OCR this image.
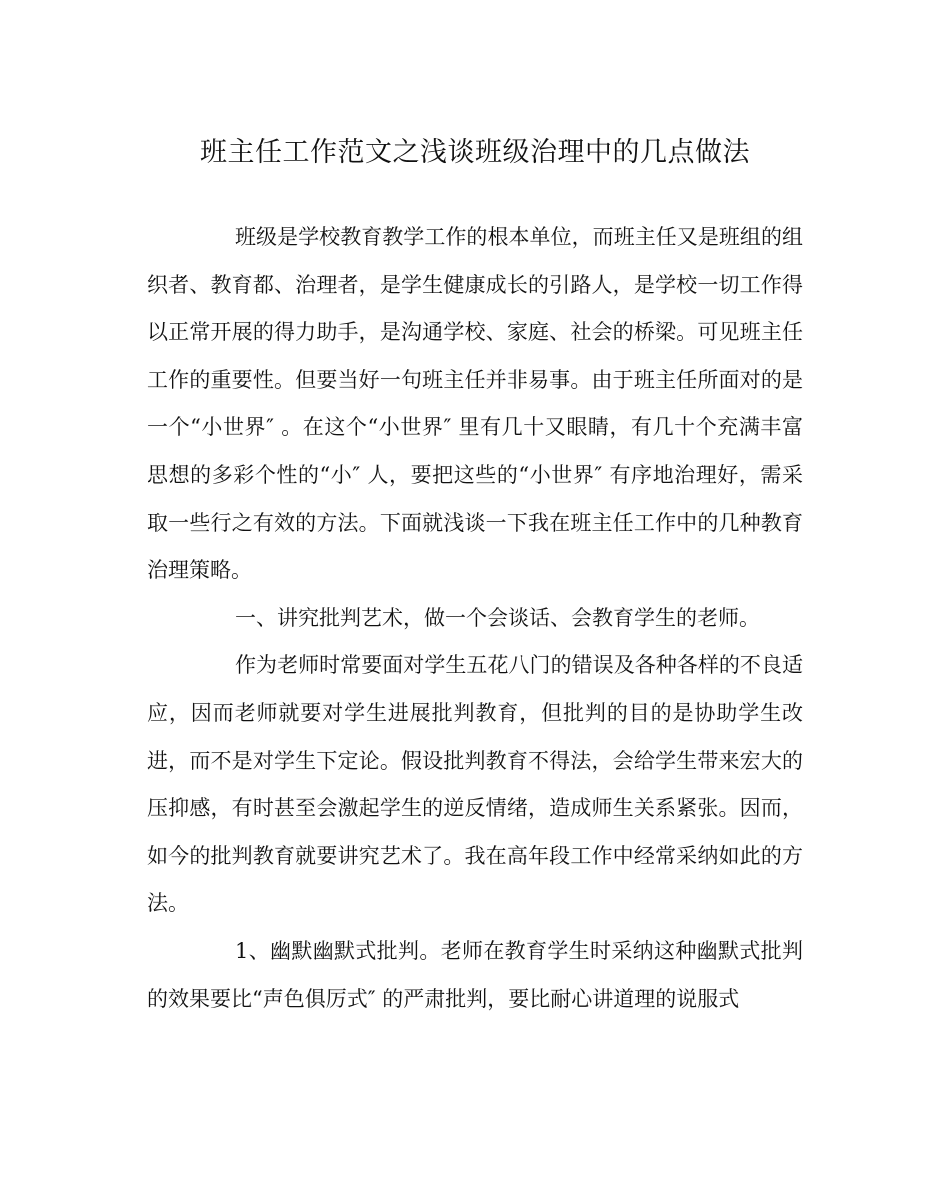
班主任工作范文之浅谈班级治理中的几点做法

班级是学校教育教学工作的根本单位，而班主任又是班组的组织者、教育都、治理者，是学生健康成长的引路人，是学校一切工作得以正常开展的得力助手，是沟通学校、家庭、社会的桥梁。可见班主任工作的重要性。但要当好一句班主任并非易事。由于班主任所面对的是一个“小世界″ 。在这个“小世界″ 里有几十又眼睛，有几十个充满丰富思想的多彩个性的“小″ 人，要把这些的“小世界″ 有序地治理好，需采取一些行之有效的方法。下面就浅谈一下我在班主任工作中的几种教育治理策略。

一、讲究批判艺术，做一个会谈话、会教育学生的老师。

作为老师时常要面对学生五花八门的错误及各种各样的不良适应，因而老师就要对学生进展批判教育，但批判的目的是协助学生改进，而不是对学生下定论。假设批判教育不得法，会给学生带来宏大的压抑感，有时甚至会激起学生的逆反情绪，造成师生关系紧张。因而，如今的批判教育就要讲究艺术了。我在高年段工作中经常采纳如此的方法。

1、幽默幽默式批判。老师在教育学生时采纳这种幽默式批判的效果要比“声色俱厉式″ 的严肃批判，要比耐心讲道理的说服式
